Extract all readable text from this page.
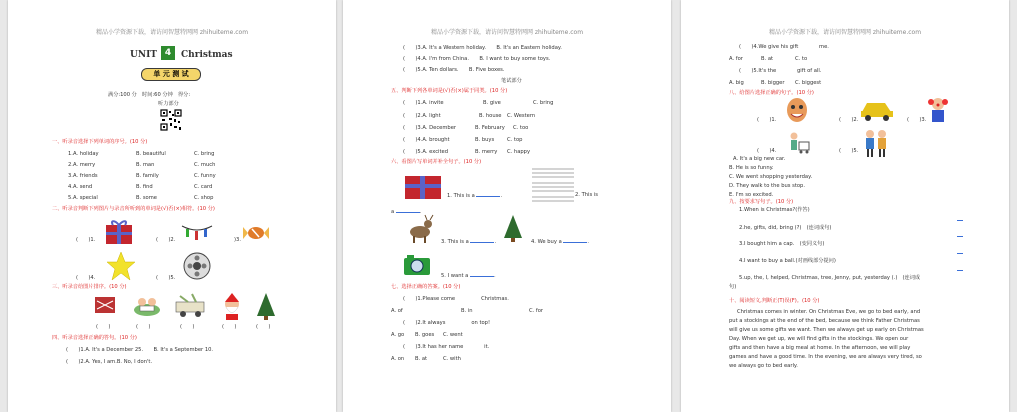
精品小学资源下载，请访问智慧特网网 zhihuiteme.com
UNIT 4	Christmas
单 元 测 试
满分:100 分　时间:60 分钟　得分:
听力部分
一、听录音选择下列单词的序号。(10 分)
1.A. holiday	B. beautiful	C. bring
2.A. merry	B. man	C. much
3.A. friends	B. family	C. funny
4.A. send	B. find	C. card
5.A. special	B. some	C. shop
二、听录音判断下列图片与录音所听到的单词是(√)否(×)相符。(10 分)
(　　)1.	(　　)2.	)3.
(　　)4.	(　　)5.
三、听录音给图片排序。(10 分)
(　　)	(　　)	(　　)	(　　)	(　　)
四、听录音选择正确的答句。(10 分)
(　　)1.A. It's a December 25.　　B. It's a September 10.
(　　)2.A. Yes, I am.B. No, I don't.
精品小学资源下载，请访问智慧特网网 zhihuiteme.com
(　　)3.A. It's a Western holiday.　　B. It's an Eastern holiday.
(　　)4.A. I'm from China.　　B. I want to buy some toys.
(　　)5.A. Ten dollars.　　B. Five boxes.
笔试部分
五、判断下列各单词是(√)否(×)属于同类。(10 分)
(　　)1.A. invite	B. give	C. bring
(　　)2.A. light	B. house C. Western
(　　)3.A. December	B. February C. too
(　　)4.A. brought	B. buys C. top
(　　)5.A. excited	B. merry C. happy
六、看图片写单词并补全句子。(10 分)
1. This is a	.	2. This is
a	.
3. This is a	.	4. We buy a	.
5. I want a	.
七、选择正确的答案。(10 分)
(　　)1.Please come　　　　　Christmas.
A. of	B. in	C. for
(　　)2.It always　　　　　on top!
A. go B. goes C. went
(　　)3.It has her name　　　　it.
A. on B. at	C. with
精品小学资源下载，请访问智慧特网网 zhihuiteme.com
(　　)4.We give his gift　　　　me.
A. for	B. at	C. to
(　　)5.It's the　　　　gift of all.
A. big	B. bigger C. biggest
八、给图片选择正确的句子。(10 分)
(　　)1.	(　　)2.	(　　)3.
(　　)4.	(　　)5.
A. It's a big new car.
B. He is so funny.
C. We went shopping yesterday.
D. They walk to the bus stop.
E. I'm so excited.
九、按要求写句子。(10 分)
1.When is Christmas?(作答)
2.he, gifts, did, bring (?)　(连词成句)
3.I bought him a cap.　(变同义句)
4.I want to buy a ball.(对画线部分提问)
5.up, the, I, helped, Christmas, tree, Jenny, put, yesterday (.)　(连词成
句)
十、阅读短文,判断正(T)误(F)。(10 分)
Christmas comes in winter. On Christmas Eve, we go to bed early, and
put a stockings at the end of the bed, because we think Father Christmas
will give us some gifts we want. Then we always get up early on Christmas
Day. When we get up, we will find gifts in the stockings. We open our
gifts and then have a big meal at home. In the afternoon, we will play
games and have a good time. In the evening, we are always very tired, so
we always go to bed early.
